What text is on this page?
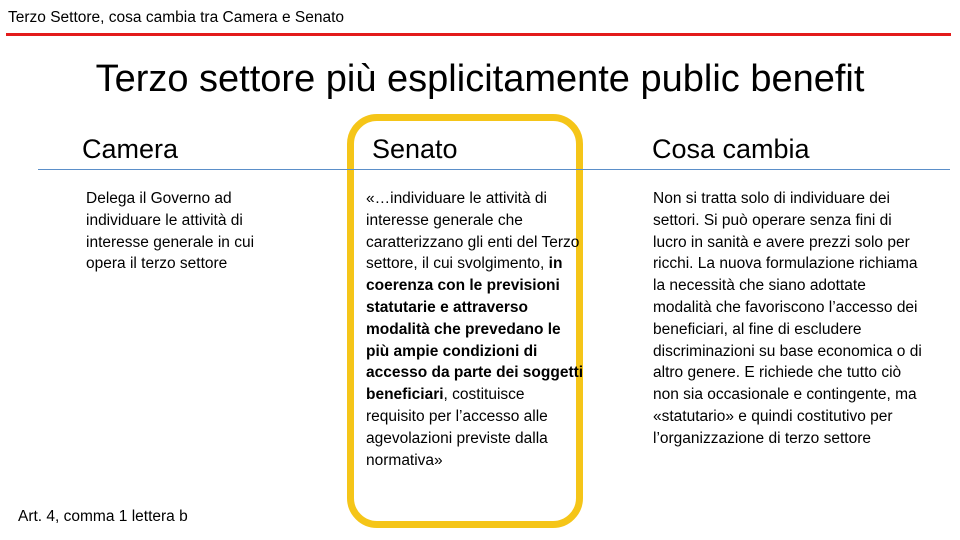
Terzo Settore, cosa cambia tra Camera e Senato
Terzo settore più esplicitamente public benefit
Camera	Senato	Cosa cambia
Delega il Governo ad individuare le attività di interesse generale in cui opera il terzo settore
«…individuare le attività di interesse generale che caratterizzano gli enti del Terzo settore, il cui svolgimento, in coerenza con le previsioni statutarie e attraverso modalità che prevedano le più ampie condizioni di accesso da parte dei soggetti beneficiari, costituisce requisito per l’accesso alle agevolazioni previste dalla normativa»
Non si tratta solo di individuare dei settori. Si può operare senza fini di lucro in sanità e avere prezzi solo per ricchi. La nuova formulazione richiama la necessità che siano adottate modalità che favoriscono l’accesso dei beneficiari, al fine di escludere discriminazioni su base economica o di altro genere. E richiede che tutto ciò non sia occasionale e contingente, ma «statutario» e quindi costitutivo per l’organizzazione di terzo settore
Art. 4, comma 1 lettera b
